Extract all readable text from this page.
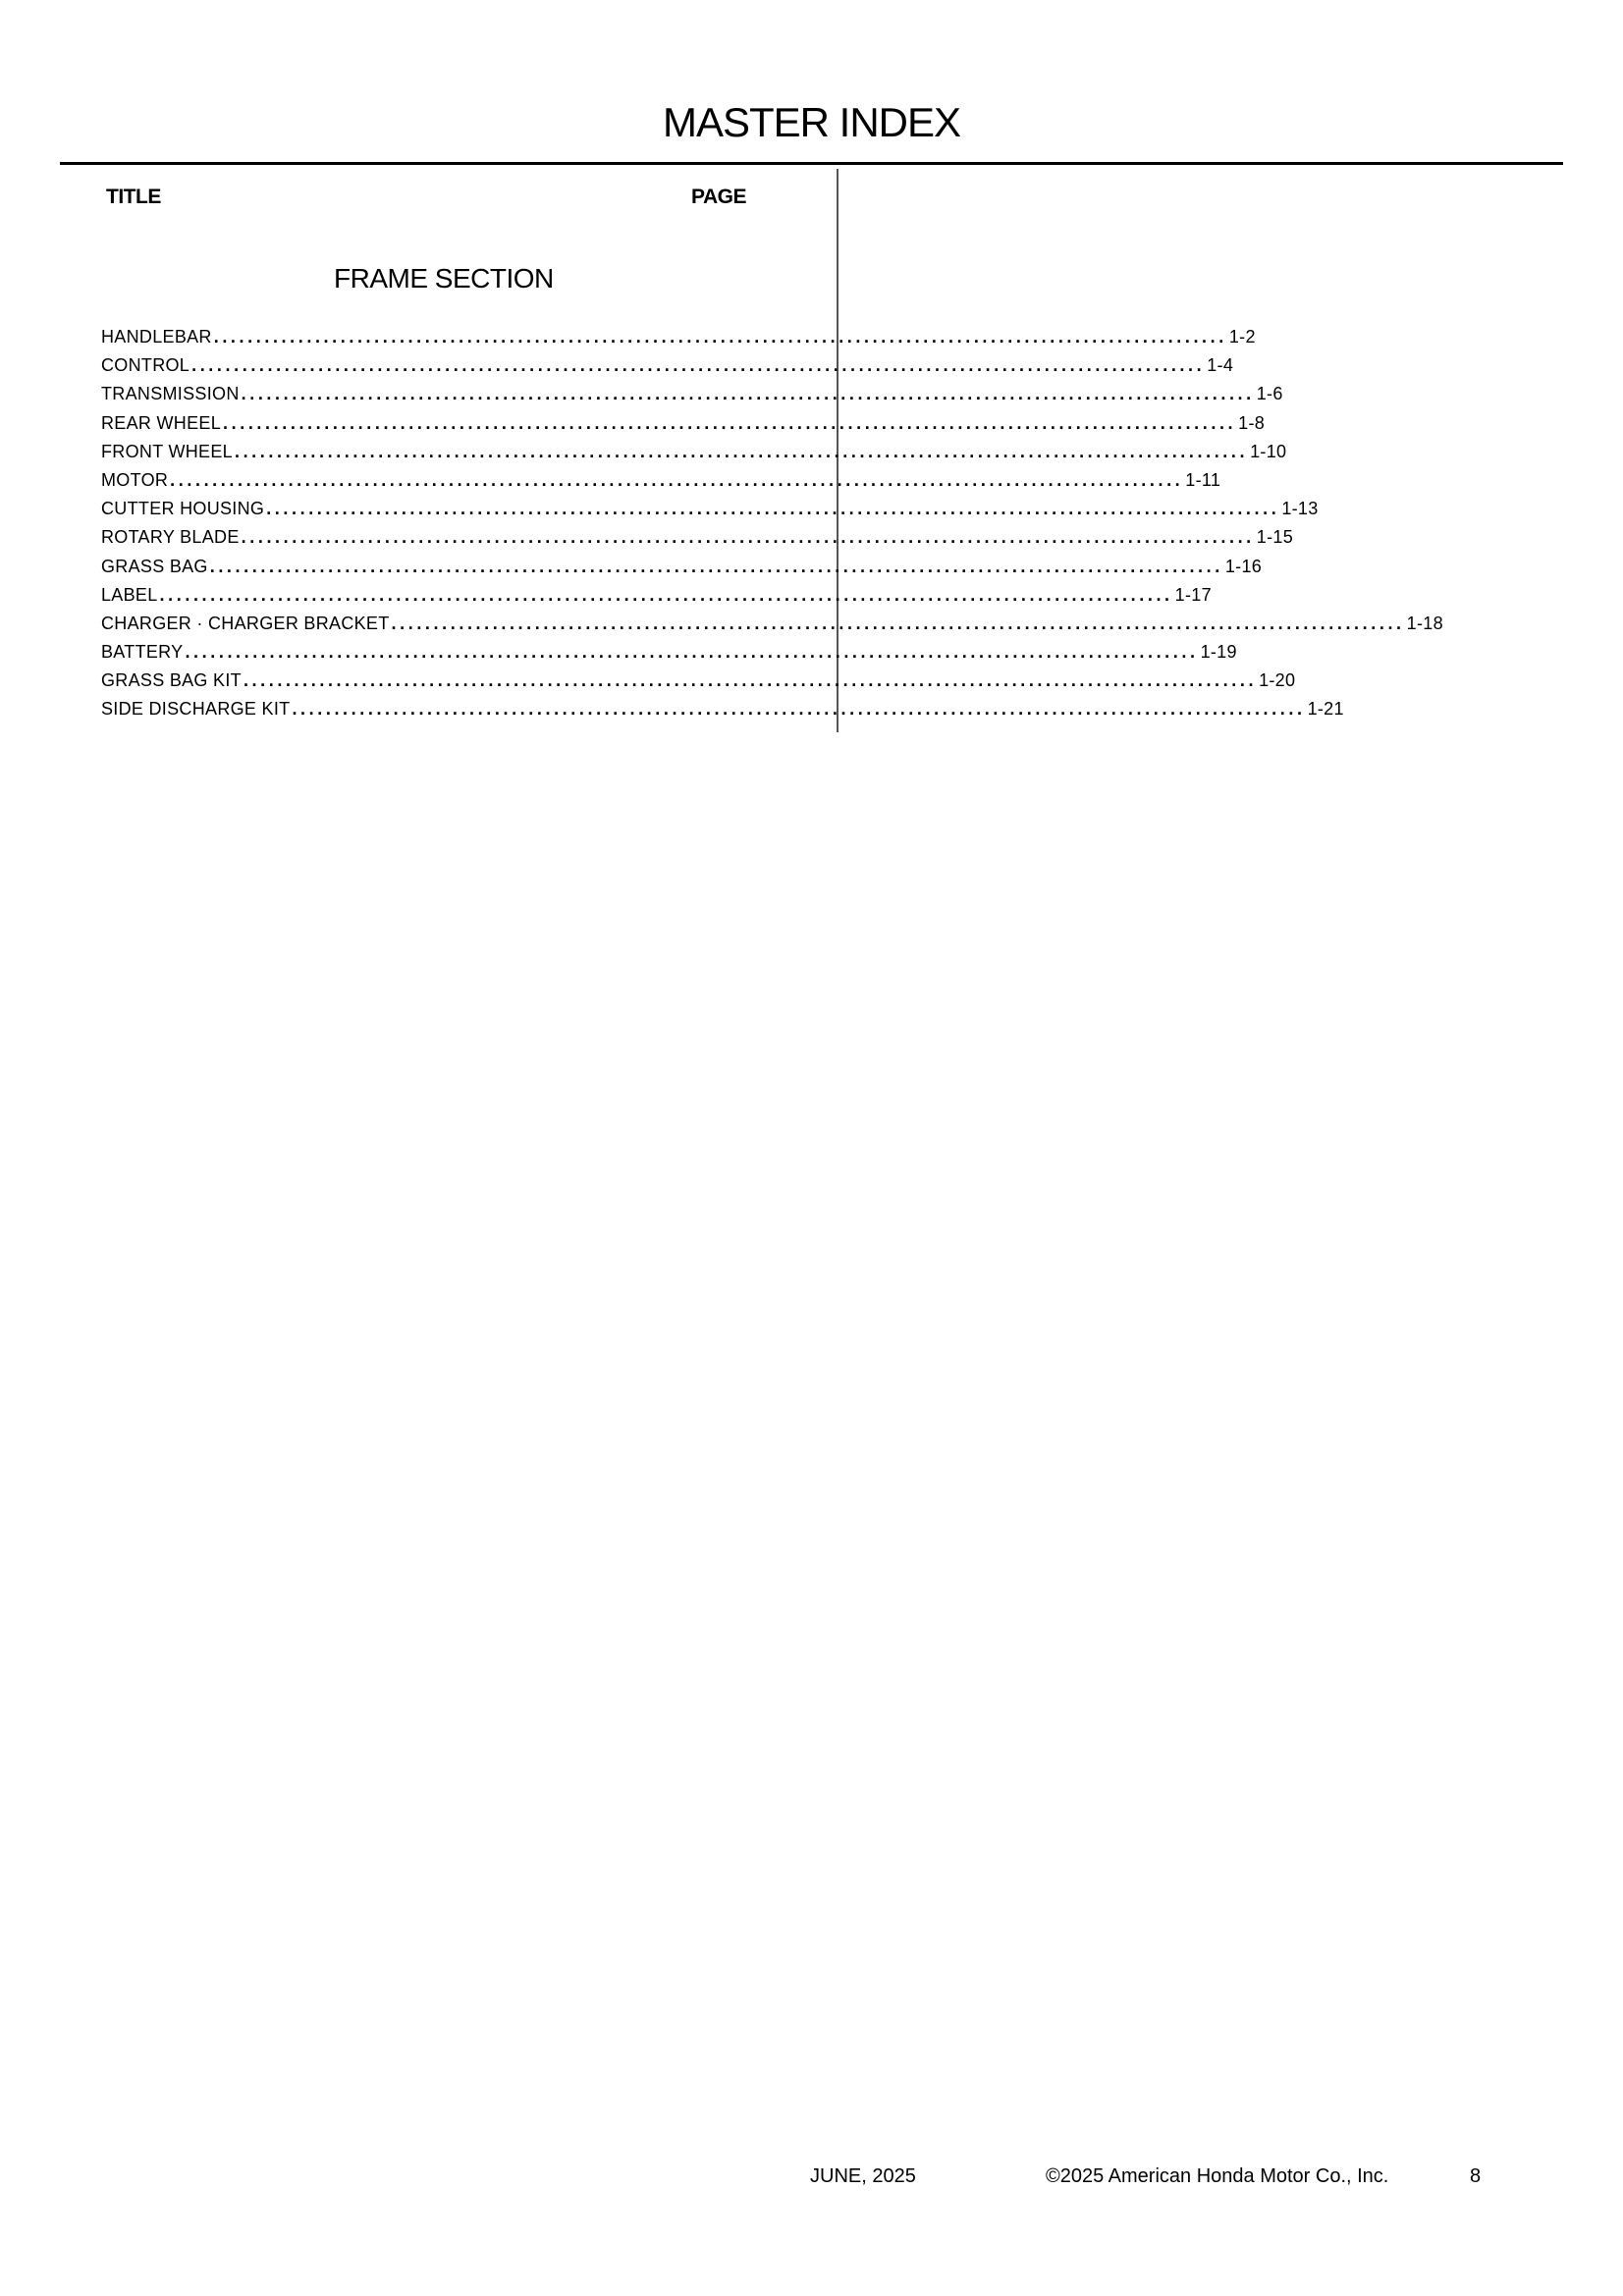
MASTER INDEX
TITLE	PAGE
FRAME SECTION
HANDLEBAR ........................................................................................................................ 1-2
CONTROL ........................................................................................................................ 1-4
TRANSMISSION ........................................................................................................................ 1-6
REAR WHEEL ........................................................................................................................ 1-8
FRONT WHEEL ........................................................................................................................ 1-10
MOTOR ........................................................................................................................ 1-11
CUTTER HOUSING ........................................................................................................................ 1-13
ROTARY BLADE ........................................................................................................................ 1-15
GRASS BAG ........................................................................................................................ 1-16
LABEL ........................................................................................................................ 1-17
CHARGER · CHARGER BRACKET ........................................................................................................................ 1-18
BATTERY ........................................................................................................................ 1-19
GRASS BAG KIT ........................................................................................................................ 1-20
SIDE DISCHARGE KIT ........................................................................................................................ 1-21
JUNE, 2025	©2025 American Honda Motor Co., Inc.	8
